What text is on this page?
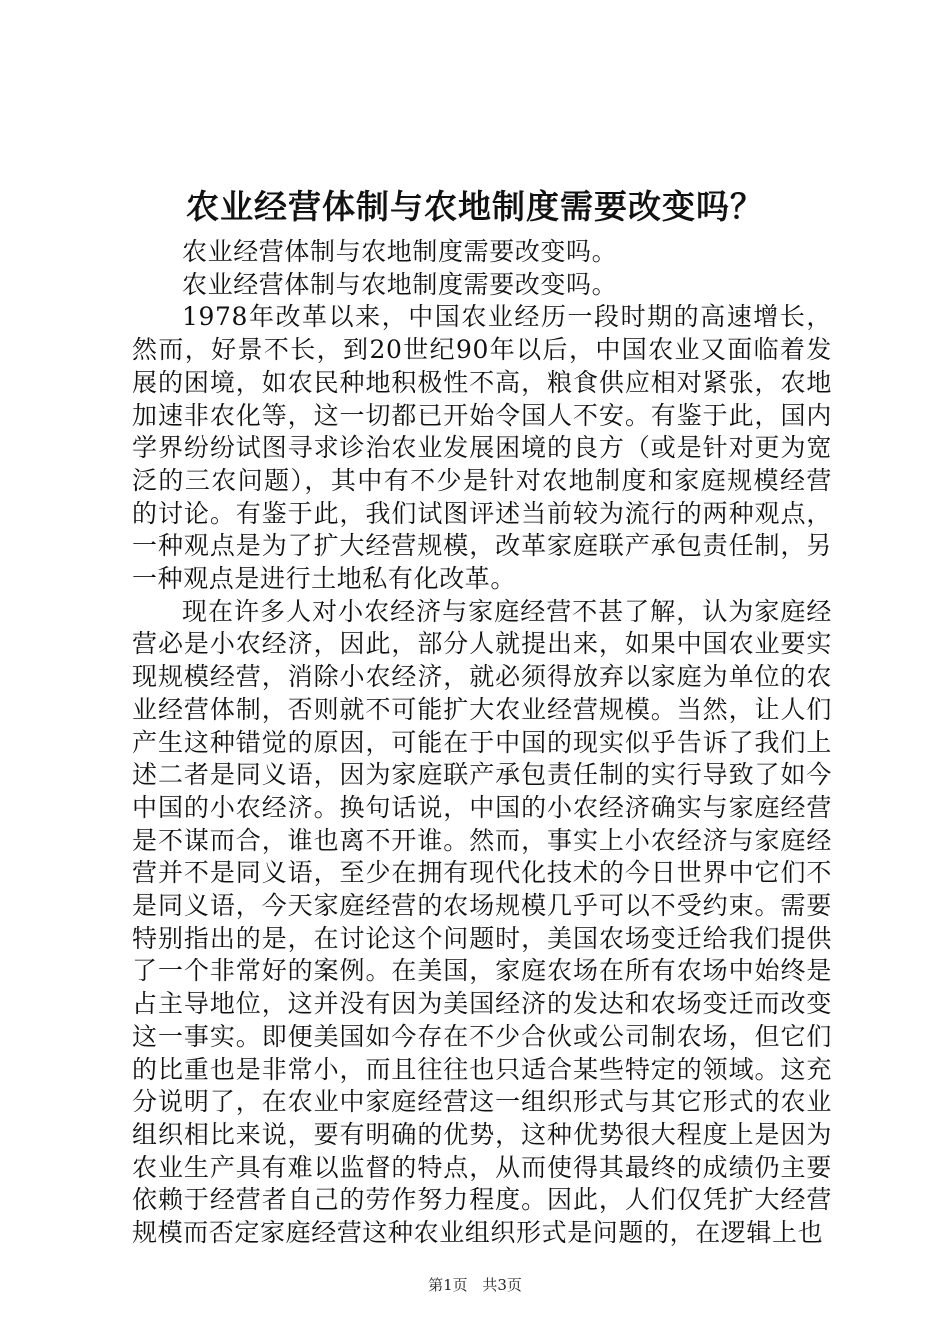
农业经营体制与农地制度需要改变吗？

农业经营体制与农地制度需要改变吗。

农业经营体制与农地制度需要改变吗。

1978年改革以来，中国农业经历一段时期的高速增长，然而，好景不长，到20世纪90年以后，中国农业又面临着发展的困境，如农民种地积极性不高，粮食供应相对紧张，农地加速非农化等，这一切都已开始令国人不安。有鉴于此，国内学界纷纷试图寻求诊治农业发展困境的良方（或是针对更为宽泛的三农问题），其中有不少是针对农地制度和家庭规模经营的讨论。有鉴于此，我们试图评述当前较为流行的两种观点，一种观点是为了扩大经营规模，改革家庭联产承包责任制，另一种观点是进行土地私有化改革。

现在许多人对小农经济与家庭经营不甚了解，认为家庭经营必是小农经济，因此，部分人就提出来，如果中国农业要实现规模经营，消除小农经济，就必须得放弃以家庭为单位的农业经营体制，否则就不可能扩大农业经营规模。当然，让人们产生这种错觉的原因，可能在于中国的现实似乎告诉了我们上述二者是同义语，因为家庭联产承包责任制的实行导致了如今中国的小农经济。换句话说，中国的小农经济确实与家庭经营是不谋而合，谁也离不开谁。然而，事实上小农经济与家庭经营并不是同义语，至少在拥有现代化技术的今日世界中它们不是同义语，今天家庭经营的农场规模几乎可以不受约束。需要特别指出的是，在讨论这个问题时，美国农场变迁给我们提供了一个非常好的案例。在美国，家庭农场在所有农场中始终是占主导地位，这并没有因为美国经济的发达和农场变迁而改变这一事实。即便美国如今存在不少合伙或公司制农场，但它们的比重也是非常小，而且往往也只适合某些特定的领域。这充分说明了，在农业中家庭经营这一组织形式与其它形式的农业组织相比来说，要有明确的优势，这种优势很大程度上是因为农业生产具有难以监督的特点，从而使得其最终的成绩仍主要依赖于经营者自己的劳作努力程度。因此，人们仅凭扩大经营规模而否定家庭经营这种农业组织形式是问题的，在逻辑上也

第1页 共3页
